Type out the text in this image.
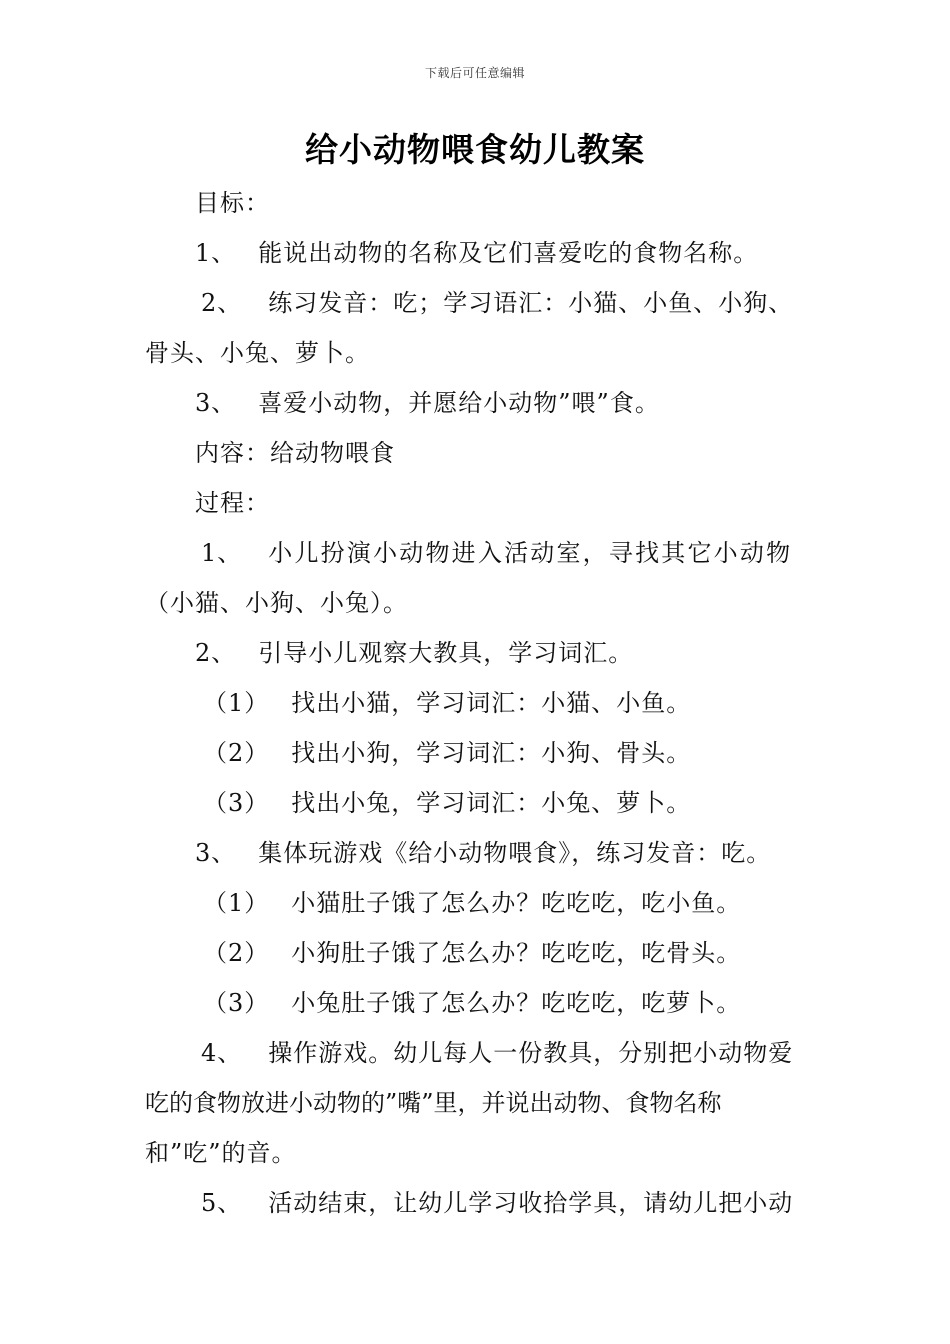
下载后可任意编辑
给小动物喂食幼儿教案
目标：
1、 能说出动物的名称及它们喜爱吃的食物名称。
2、 练习发音：吃；学习语汇：小猫、小鱼、小狗、
骨头、小兔、萝卜。
3、 喜爱小动物，并愿给小动物”喂”食。
内容：给动物喂食
过程：
1、 小儿扮演小动物进入活动室，寻找其它小动物
（小猫、小狗、小兔）。
2、 引导小儿观察大教具，学习词汇。
（1） 找出小猫，学习词汇：小猫、小鱼。
（2） 找出小狗，学习词汇：小狗、骨头。
（3） 找出小兔，学习词汇：小兔、萝卜。
3、 集体玩游戏《给小动物喂食》，练习发音：吃。
（1） 小猫肚子饿了怎么办？吃吃吃，吃小鱼。
（2） 小狗肚子饿了怎么办？吃吃吃，吃骨头。
（3） 小兔肚子饿了怎么办？吃吃吃，吃萝卜。
4、 操作游戏。幼儿每人一份教具，分别把小动物爱
吃的食物放进小动物的”嘴”里，并说出动物、食物名称
和”吃”的音。
5、 活动结束，让幼儿学习收拾学具，请幼儿把小动
